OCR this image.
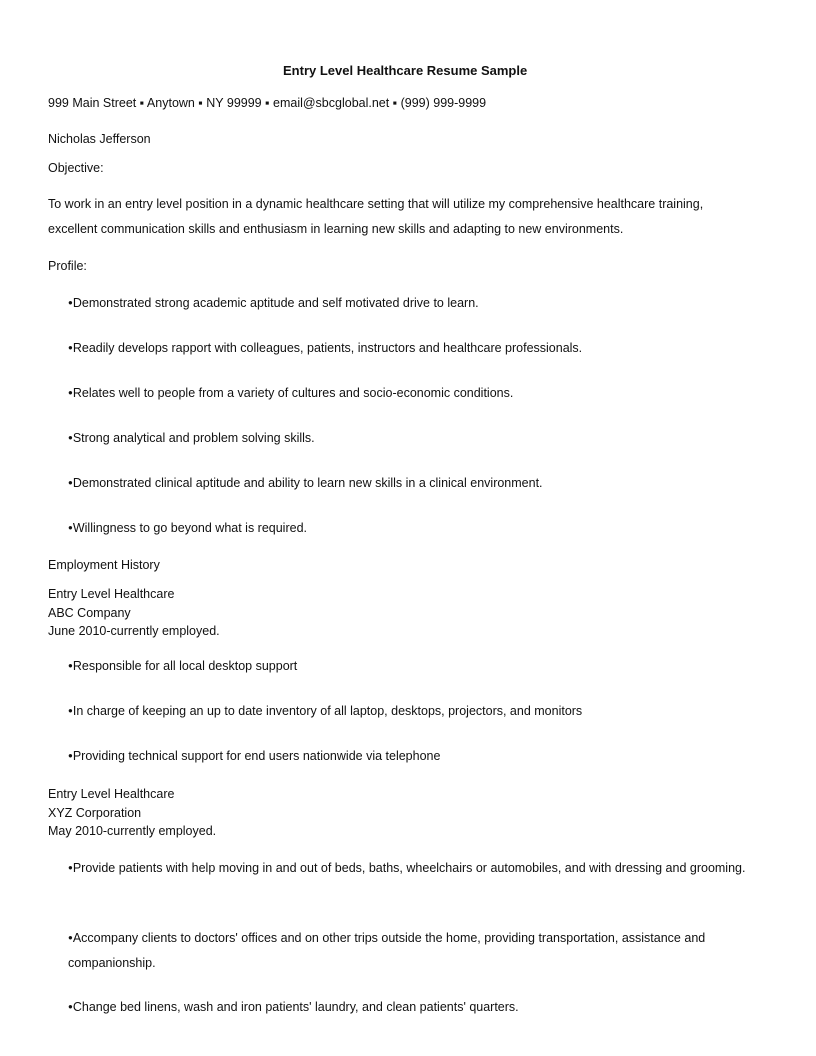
Entry Level Healthcare Resume Sample
999 Main Street ▪ Anytown ▪ NY 99999 ▪ email@sbcglobal.net ▪ (999) 999-9999
Nicholas Jefferson
Objective:
To work in an entry level position in a dynamic healthcare setting that will utilize my comprehensive healthcare training, excellent communication skills and enthusiasm in learning new skills and adapting to new environments.
Profile:
● Demonstrated strong academic aptitude and self motivated drive to learn.
● Readily develops rapport with colleagues, patients, instructors and healthcare professionals.
● Relates well to people from a variety of cultures and socio-economic conditions.
● Strong analytical and problem solving skills.
● Demonstrated clinical aptitude and ability to learn new skills in a clinical environment.
● Willingness to go beyond what is required.
Employment History
Entry Level Healthcare
ABC Company
June 2010-currently employed.
● Responsible for all local desktop support
● In charge of keeping an up to date inventory of all laptop, desktops, projectors, and monitors
● Providing technical support for end users nationwide via telephone
Entry Level Healthcare
XYZ Corporation
May 2010-currently employed.
● Provide patients with help moving in and out of beds, baths, wheelchairs or automobiles, and with dressing and grooming.
● Accompany clients to doctors' offices and on other trips outside the home, providing transportation, assistance and companionship.
● Change bed linens, wash and iron patients' laundry, and clean patients' quarters.
